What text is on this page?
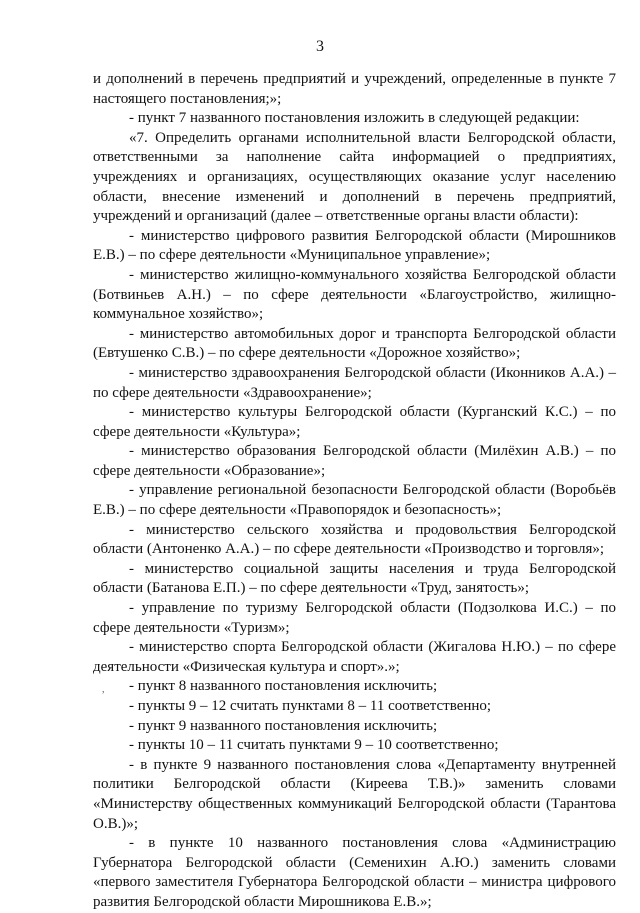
3

и дополнений в перечень предприятий и учреждений, определенные в пункте 7 настоящего постановления;»;

- пункт 7 названного постановления изложить в следующей редакции:

«7. Определить органами исполнительной власти Белгородской области, ответственными за наполнение сайта информацией о предприятиях, учреждениях и организациях, осуществляющих оказание услуг населению области, внесение изменений и дополнений в перечень предприятий, учреждений и организаций (далее – ответственные органы власти области):

- министерство цифрового развития Белгородской области (Мирошников Е.В.) – по сфере деятельности «Муниципальное управление»;

- министерство жилищно-коммунального хозяйства Белгородской области (Ботвиньев А.Н.) – по сфере деятельности «Благоустройство, жилищно-коммунальное хозяйство»;

- министерство автомобильных дорог и транспорта Белгородской области (Евтушенко С.В.) – по сфере деятельности «Дорожное хозяйство»;

- министерство здравоохранения Белгородской области (Иконников А.А.) – по сфере деятельности «Здравоохранение»;

- министерство культуры Белгородской области (Курганский К.С.) – по сфере деятельности «Культура»;

- министерство образования Белгородской области (Милёхин А.В.) – по сфере деятельности «Образование»;

- управление региональной безопасности Белгородской области (Воробьёв Е.В.) – по сфере деятельности «Правопорядок и безопасность»;

- министерство сельского хозяйства и продовольствия Белгородской области (Антоненко А.А.) – по сфере деятельности «Производство и торговля»;

- министерство социальной защиты населения и труда Белгородской области (Батанова Е.П.) – по сфере деятельности «Труд, занятость»;

- управление по туризму Белгородской области (Подзолкова И.С.) – по сфере деятельности «Туризм»;

- министерство спорта Белгородской области (Жигалова Н.Ю.) – по сфере деятельности «Физическая культура и спорт».»;

- пункт 8 названного постановления исключить;

- пункты 9 – 12 считать пунктами 8 – 11 соответственно;

- пункт 9 названного постановления исключить;

- пункты 10 – 11 считать пунктами 9 – 10 соответственно;

- в пункте 9 названного постановления слова «Департаменту внутренней политики Белгородской области (Киреева Т.В.)» заменить словами «Министерству общественных коммуникаций Белгородской области (Тарантова О.В.)»;

- в пункте 10 названного постановления слова «Администрацию Губернатора Белгородской области (Семенихин А.Ю.) заменить словами «первого заместителя Губернатора Белгородской области – министра цифрового развития Белгородской области Мирошникова Е.В.»;

,
